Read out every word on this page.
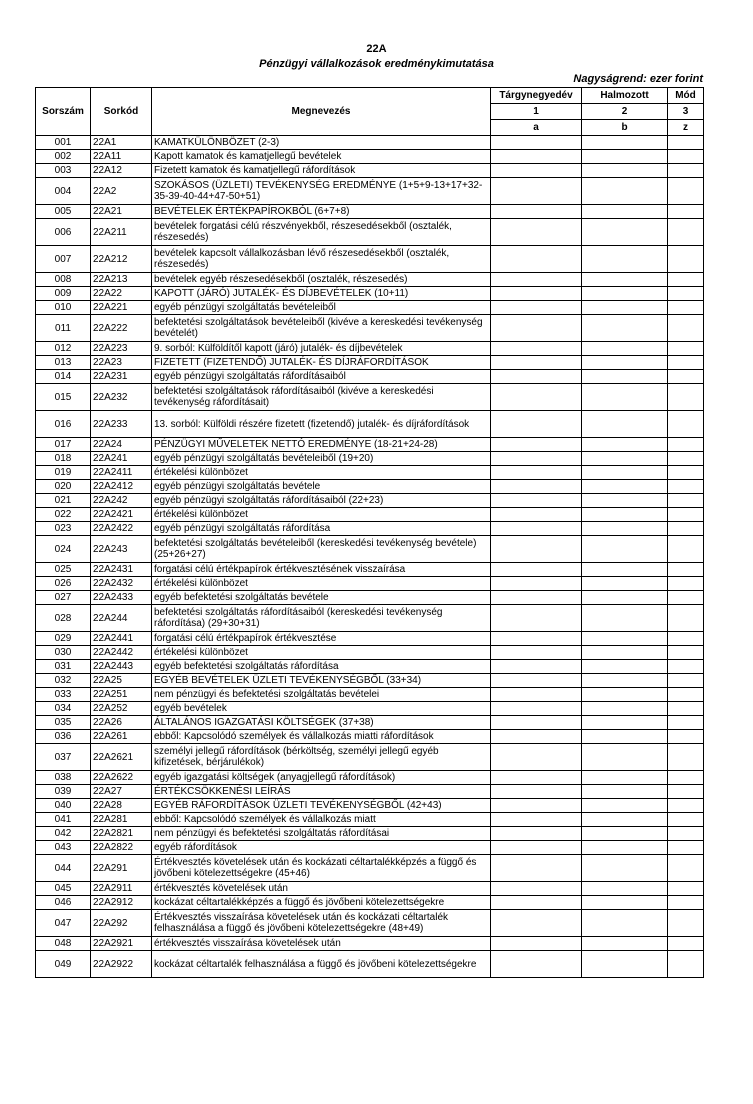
22A
Pénzügyi vállalkozások eredménykimutatása
Nagyságrend: ezer forint
Sorszám	Sorkód	Megnevezés	Tárgynegyedév	Halmozott	Mód
			1	2	3
			a	b	z
001	22A1	KAMATKÜLÖNBÖZET (2-3)			
002	22A11	Kapott kamatok és kamatjellegű bevételek			
003	22A12	Fizetett kamatok és kamatjellegű ráfordítások			
004	22A2	SZOKÁSOS (ÜZLETI) TEVÉKENYSÉG EREDMÉNYE (1+5+9-13+17+32-35-39-40-44+47-50+51)			
005	22A21	BEVÉTELEK ÉRTÉKPAPÍROKBÓL (6+7+8)			
006	22A211	bevételek forgatási célú részvényekből, részesedésekből (osztalék, részesedés)			
007	22A212	bevételek kapcsolt vállalkozásban lévő részesedésekből (osztalék, részesedés)			
008	22A213	bevételek egyéb részesedésekből (osztalék, részesedés)			
009	22A22	KAPOTT (JÁRÓ) JUTALÉK- ÉS DÍJBEVÉTELEK (10+11)			
010	22A221	egyéb pénzügyi szolgáltatás bevételeiből			
011	22A222	befektetési szolgáltatások bevételeiből (kivéve a kereskedési tevékenység bevételét)			
012	22A223	9. sorból: Külföldítől kapott (járó) jutalék- és díjbevételek			
013	22A23	FIZETETT (FIZETENDŐ) JUTALÉK- ÉS DÍJRÁFORDÍTÁSOK			
014	22A231	egyéb pénzügyi szolgáltatás ráfordításaiból			
015	22A232	befektetési szolgáltatások ráfordításaiból (kivéve a kereskedési tevékenység ráfordításait)			
016	22A233	13. sorból: Külföldi részére fizetett (fizetendő) jutalék- és díjráfordítások			
017	22A24	PÉNZÜGYI MŰVELETEK NETTÓ EREDMÉNYE (18-21+24-28)			
018	22A241	egyéb pénzügyi szolgáltatás bevételeiből (19+20)			
019	22A2411	értékelési különbözet			
020	22A2412	egyéb pénzügyi szolgáltatás bevétele			
021	22A242	egyéb pénzügyi szolgáltatás ráfordításaiból (22+23)			
022	22A2421	értékelési különbözet			
023	22A2422	egyéb pénzügyi szolgáltatás ráfordítása			
024	22A243	befektetési szolgáltatás bevételeiből (kereskedési tevékenység bevétele) (25+26+27)			
025	22A2431	forgatási célú értékpapírok értékvesztésének visszaírása			
026	22A2432	értékelési különbözet			
027	22A2433	egyéb befektetési szolgáltatás bevétele			
028	22A244	befektetési szolgáltatás ráfordításaiból (kereskedési tevékenység ráfordítása) (29+30+31)			
029	22A2441	forgatási célú értékpapírok értékvesztése			
030	22A2442	értékelési különbözet			
031	22A2443	egyéb befektetési szolgáltatás ráfordítása			
032	22A25	EGYÉB BEVÉTELEK ÜZLETI TEVÉKENYSÉGBŐL (33+34)			
033	22A251	nem pénzügyi és befektetési szolgáltatás bevételei			
034	22A252	egyéb bevételek			
035	22A26	ÁLTALÁNOS IGAZGATÁSI KÖLTSÉGEK (37+38)			
036	22A261	ebből: Kapcsolódó személyek és vállalkozás miatti ráfordítások			
037	22A2621	személyi jellegű ráfordítások (bérköltség, személyi jellegű egyéb kifizetések, bérjárulékok)			
038	22A2622	egyéb igazgatási költségek (anyagjellegű ráfordítások)			
039	22A27	ÉRTÉKCSÖKKENÉSI LEÍRÁS			
040	22A28	EGYÉB RÁFORDÍTÁSOK ÜZLETI TEVÉKENYSÉGBŐL (42+43)			
041	22A281	ebből: Kapcsolódó személyek és vállalkozás miatt			
042	22A2821	nem pénzügyi és befektetési szolgáltatás ráfordításai			
043	22A2822	egyéb ráfordítások			
044	22A291	Értékvesztés követelések után és kockázati céltartalékképzés a függő és jövőbeni kötelezettségekre (45+46)			
045	22A2911	értékvesztés követelések után			
046	22A2912	kockázat céltartalékképzés a függő és jövőbeni kötelezettségekre			
047	22A292	Értékvesztés visszaírása követelések után és kockázati céltartalék felhasználása a függő és jövőbeni kötelezettségekre (48+49)			
048	22A2921	értékvesztés visszaírása követelések után			
049	22A2922	kockázat céltartalék felhasználása a függő és jövőbeni kötelezettségekre			
